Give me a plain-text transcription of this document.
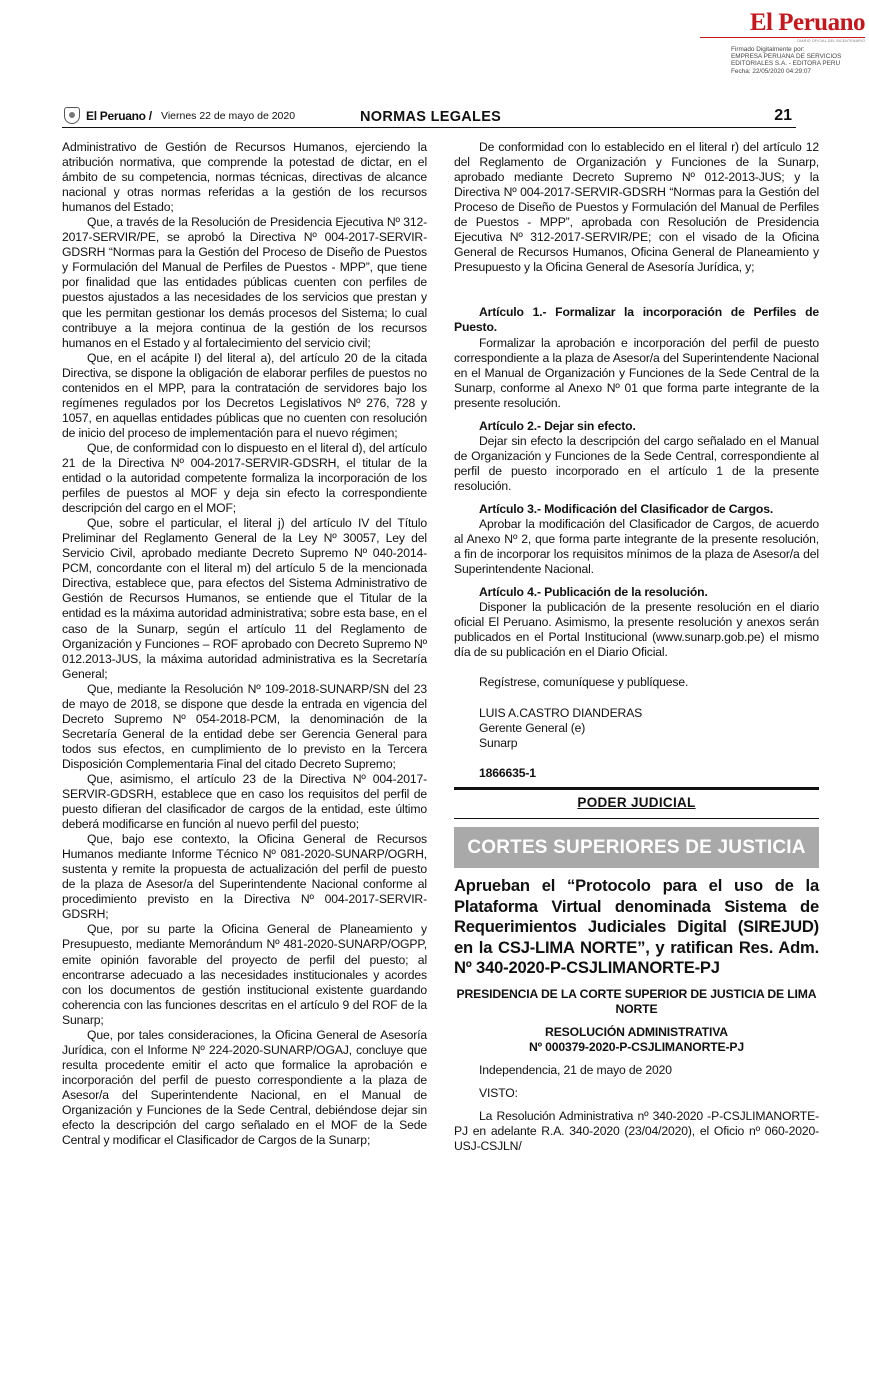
El Peruano
DIARIO OFICIAL DEL BICENTENARIO
Firmado Digitalmente por:
EMPRESA PERUANA DE SERVICIOS
EDITORIALES S.A. - EDITORA PERU
Fecha: 22/05/2020 04:29:07
El Peruano / Viernes 22 de mayo de 2020	NORMAS LEGALES	21

Administrativo de Gestión de Recursos Humanos, ejerciendo la atribución normativa, que comprende la potestad de dictar, en el ámbito de su competencia, normas técnicas, directivas de alcance nacional y otras normas referidas a la gestión de los recursos humanos del Estado;

Que, a través de la Resolución de Presidencia Ejecutiva Nº 312-2017-SERVIR/PE, se aprobó la Directiva Nº 004-2017-SERVIR-GDSRH “Normas para la Gestión del Proceso de Diseño de Puestos y Formulación del Manual de Perfiles de Puestos - MPP”, que tiene por finalidad que las entidades públicas cuenten con perfiles de puestos ajustados a las necesidades de los servicios que prestan y que les permitan gestionar los demás procesos del Sistema; lo cual contribuye a la mejora continua de la gestión de los recursos humanos en el Estado y al fortalecimiento del servicio civil;

Que, en el acápite I) del literal a), del artículo 20 de la citada Directiva, se dispone la obligación de elaborar perfiles de puestos no contenidos en el MPP, para la contratación de servidores bajo los regímenes regulados por los Decretos Legislativos Nº 276, 728 y 1057, en aquellas entidades públicas que no cuenten con resolución de inicio del proceso de implementación para el nuevo régimen;

Que, de conformidad con lo dispuesto en el literal d), del artículo 21 de la Directiva Nº 004-2017-SERVIR-GDSRH, el titular de la entidad o la autoridad competente formaliza la incorporación de los perfiles de puestos al MOF y deja sin efecto la correspondiente descripción del cargo en el MOF;

Que, sobre el particular, el literal j) del artículo IV del Título Preliminar del Reglamento General de la Ley Nº 30057, Ley del Servicio Civil, aprobado mediante Decreto Supremo Nº 040-2014-PCM, concordante con el literal m) del artículo 5 de la mencionada Directiva, establece que, para efectos del Sistema Administrativo de Gestión de Recursos Humanos, se entiende que el Titular de la entidad es la máxima autoridad administrativa; sobre esta base, en el caso de la Sunarp, según el artículo 11 del Reglamento de Organización y Funciones – ROF aprobado con Decreto Supremo Nº 012.2013-JUS, la máxima autoridad administrativa es la Secretaría General;

Que, mediante la Resolución Nº 109-2018-SUNARP/SN del 23 de mayo de 2018, se dispone que desde la entrada en vigencia del Decreto Supremo Nº 054-2018-PCM, la denominación de la Secretaría General de la entidad debe ser Gerencia General para todos sus efectos, en cumplimiento de lo previsto en la Tercera Disposición Complementaria Final del citado Decreto Supremo;

Que, asimismo, el artículo 23 de la Directiva Nº 004-2017-SERVIR-GDSRH, establece que en caso los requisitos del perfil de puesto difieran del clasificador de cargos de la entidad, este último deberá modificarse en función al nuevo perfil del puesto;

Que, bajo ese contexto, la Oficina General de Recursos Humanos mediante Informe Técnico Nº 081-2020-SUNARP/OGRH, sustenta y remite la propuesta de actualización del perfil de puesto de la plaza de Asesor/a del Superintendente Nacional conforme al procedimiento previsto en la Directiva Nº 004-2017-SERVIR-GDSRH;

Que, por su parte la Oficina General de Planeamiento y Presupuesto, mediante Memorándum Nº 481-2020-SUNARP/OGPP, emite opinión favorable del proyecto de perfil del puesto; al encontrarse adecuado a las necesidades institucionales y acordes con los documentos de gestión institucional existente guardando coherencia con las funciones descritas en el artículo 9 del ROF de la Sunarp;

Que, por tales consideraciones, la Oficina General de Asesoría Jurídica, con el Informe Nº 224-2020-SUNARP/OGAJ, concluye que resulta procedente emitir el acto que formalice la aprobación e incorporación del perfil de puesto correspondiente a la plaza de Asesor/a del Superintendente Nacional, en el Manual de Organización y Funciones de la Sede Central, debiéndose dejar sin efecto la descripción del cargo señalado en el MOF de la Sede Central y modificar el Clasificador de Cargos de la Sunarp;

De conformidad con lo establecido en el literal r) del artículo 12 del Reglamento de Organización y Funciones de la Sunarp, aprobado mediante Decreto Supremo Nº 012-2013-JUS; y la Directiva Nº 004-2017-SERVIR-GDSRH “Normas para la Gestión del Proceso de Diseño de Puestos y Formulación del Manual de Perfiles de Puestos - MPP”, aprobada con Resolución de Presidencia Ejecutiva Nº 312-2017-SERVIR/PE; con el visado de la Oficina General de Recursos Humanos, Oficina General de Planeamiento y Presupuesto y la Oficina General de Asesoría Jurídica, y;

Artículo 1.- Formalizar la incorporación de Perfiles de Puesto.

Formalizar la aprobación e incorporación del perfil de puesto correspondiente a la plaza de Asesor/a del Superintendente Nacional en el Manual de Organización y Funciones de la Sede Central de la Sunarp, conforme al Anexo Nº 01 que forma parte integrante de la presente resolución.

Artículo 2.- Dejar sin efecto.

Dejar sin efecto la descripción del cargo señalado en el Manual de Organización y Funciones de la Sede Central, correspondiente al perfil de puesto incorporado en el artículo 1 de la presente resolución.

Artículo 3.- Modificación del Clasificador de Cargos.

Aprobar la modificación del Clasificador de Cargos, de acuerdo al Anexo Nº 2, que forma parte integrante de la presente resolución, a fin de incorporar los requisitos mínimos de la plaza de Asesor/a del Superintendente Nacional.

Artículo 4.- Publicación de la resolución.

Disponer la publicación de la presente resolución en el diario oficial El Peruano. Asimismo, la presente resolución y anexos serán publicados en el Portal Institucional (www.sunarp.gob.pe) el mismo día de su publicación en el Diario Oficial.

Regístrese, comuníquese y publíquese.

LUIS A.CASTRO DIANDERAS

Gerente General (e)

Sunarp

1866635-1

PODER JUDICIAL
CORTES SUPERIORES DE JUSTICIA
Aprueban el “Protocolo para el uso de la Plataforma Virtual denominada Sistema de Requerimientos Judiciales Digital (SIREJUD) en la CSJ-LIMA NORTE”, y ratifican Res. Adm. Nº 340-2020-P-CSJLIMANORTE-PJ
PRESIDENCIA DE LA CORTE SUPERIOR DE JUSTICIA DE LIMA NORTE
RESOLUCIÓN ADMINISTRATIVA
Nº 000379-2020-P-CSJLIMANORTE-PJ

Independencia, 21 de mayo de 2020

VISTO:

La Resolución Administrativa nº 340-2020 -P-CSJLIMANORTE-PJ en adelante R.A. 340-2020 (23/04/2020), el Oficio nº 060-2020-USJ-CSJLN/
